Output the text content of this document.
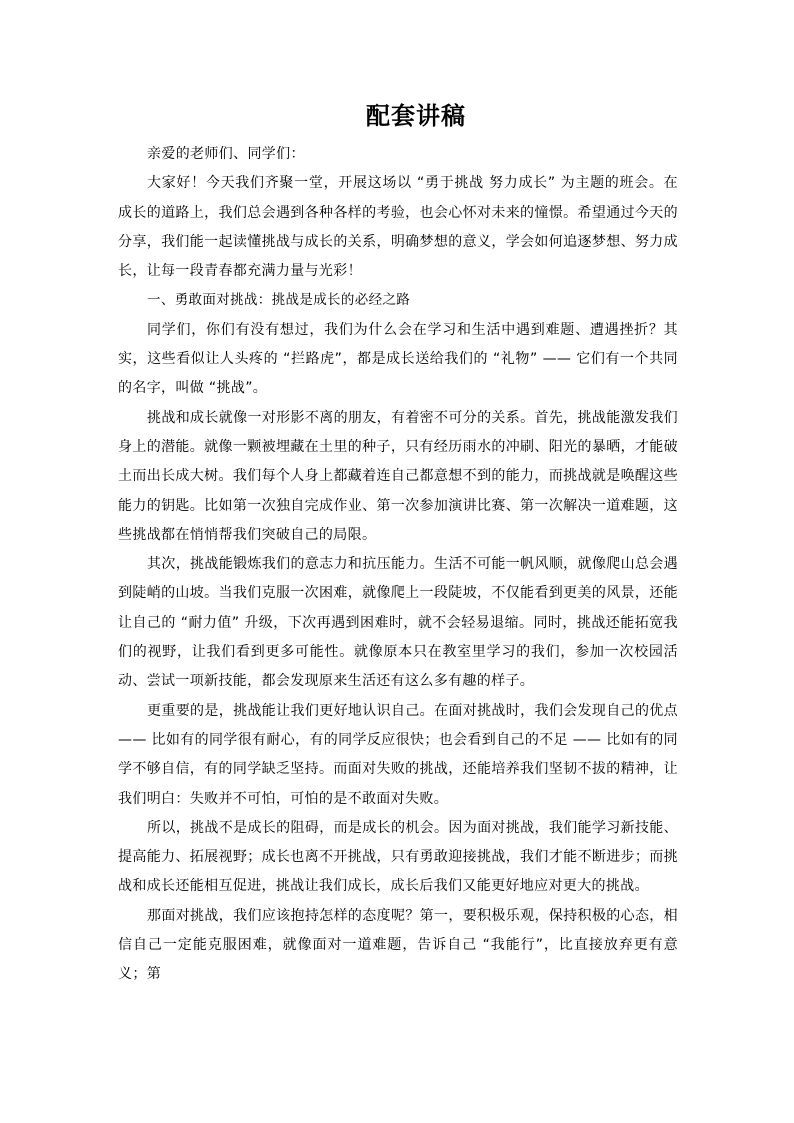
配套讲稿

亲爱的老师们、同学们：

大家好！今天我们齐聚一堂，开展这场以 “勇于挑战 努力成长” 为主题的班会。在成长的道路上，我们总会遇到各种各样的考验，也会心怀对未来的憧憬。希望通过今天的分享，我们能一起读懂挑战与成长的关系，明确梦想的意义，学会如何追逐梦想、努力成长，让每一段青春都充满力量与光彩！

一、勇敢面对挑战：挑战是成长的必经之路

同学们，你们有没有想过，我们为什么会在学习和生活中遇到难题、遭遇挫折？其实，这些看似让人头疼的 “拦路虎”，都是成长送给我们的 “礼物” —— 它们有一个共同的名字，叫做 “挑战”。

挑战和成长就像一对形影不离的朋友，有着密不可分的关系。首先，挑战能激发我们身上的潜能。就像一颗被埋藏在土里的种子，只有经历雨水的冲刷、阳光的暴晒，才能破土而出长成大树。我们每个人身上都藏着连自己都意想不到的能力，而挑战就是唤醒这些能力的钥匙。比如第一次独自完成作业、第一次参加演讲比赛、第一次解决一道难题，这些挑战都在悄悄帮我们突破自己的局限。

其次，挑战能锻炼我们的意志力和抗压能力。生活不可能一帆风顺，就像爬山总会遇到陡峭的山坡。当我们克服一次困难，就像爬上一段陡坡，不仅能看到更美的风景，还能让自己的 “耐力值” 升级，下次再遇到困难时，就不会轻易退缩。同时，挑战还能拓宽我们的视野，让我们看到更多可能性。就像原本只在教室里学习的我们，参加一次校园活动、尝试一项新技能，都会发现原来生活还有这么多有趣的样子。

更重要的是，挑战能让我们更好地认识自己。在面对挑战时，我们会发现自己的优点 —— 比如有的同学很有耐心，有的同学反应很快；也会看到自己的不足 —— 比如有的同学不够自信，有的同学缺乏坚持。而面对失败的挑战，还能培养我们坚韧不拔的精神，让我们明白：失败并不可怕，可怕的是不敢面对失败。

所以，挑战不是成长的阻碍，而是成长的机会。因为面对挑战，我们能学习新技能、提高能力、拓展视野；成长也离不开挑战，只有勇敢迎接挑战，我们才能不断进步；而挑战和成长还能相互促进，挑战让我们成长，成长后我们又能更好地应对更大的挑战。

那面对挑战，我们应该抱持怎样的态度呢？第一，要积极乐观，保持积极的心态，相信自己一定能克服困难，就像面对一道难题，告诉自己 “我能行”，比直接放弃更有意义；第
